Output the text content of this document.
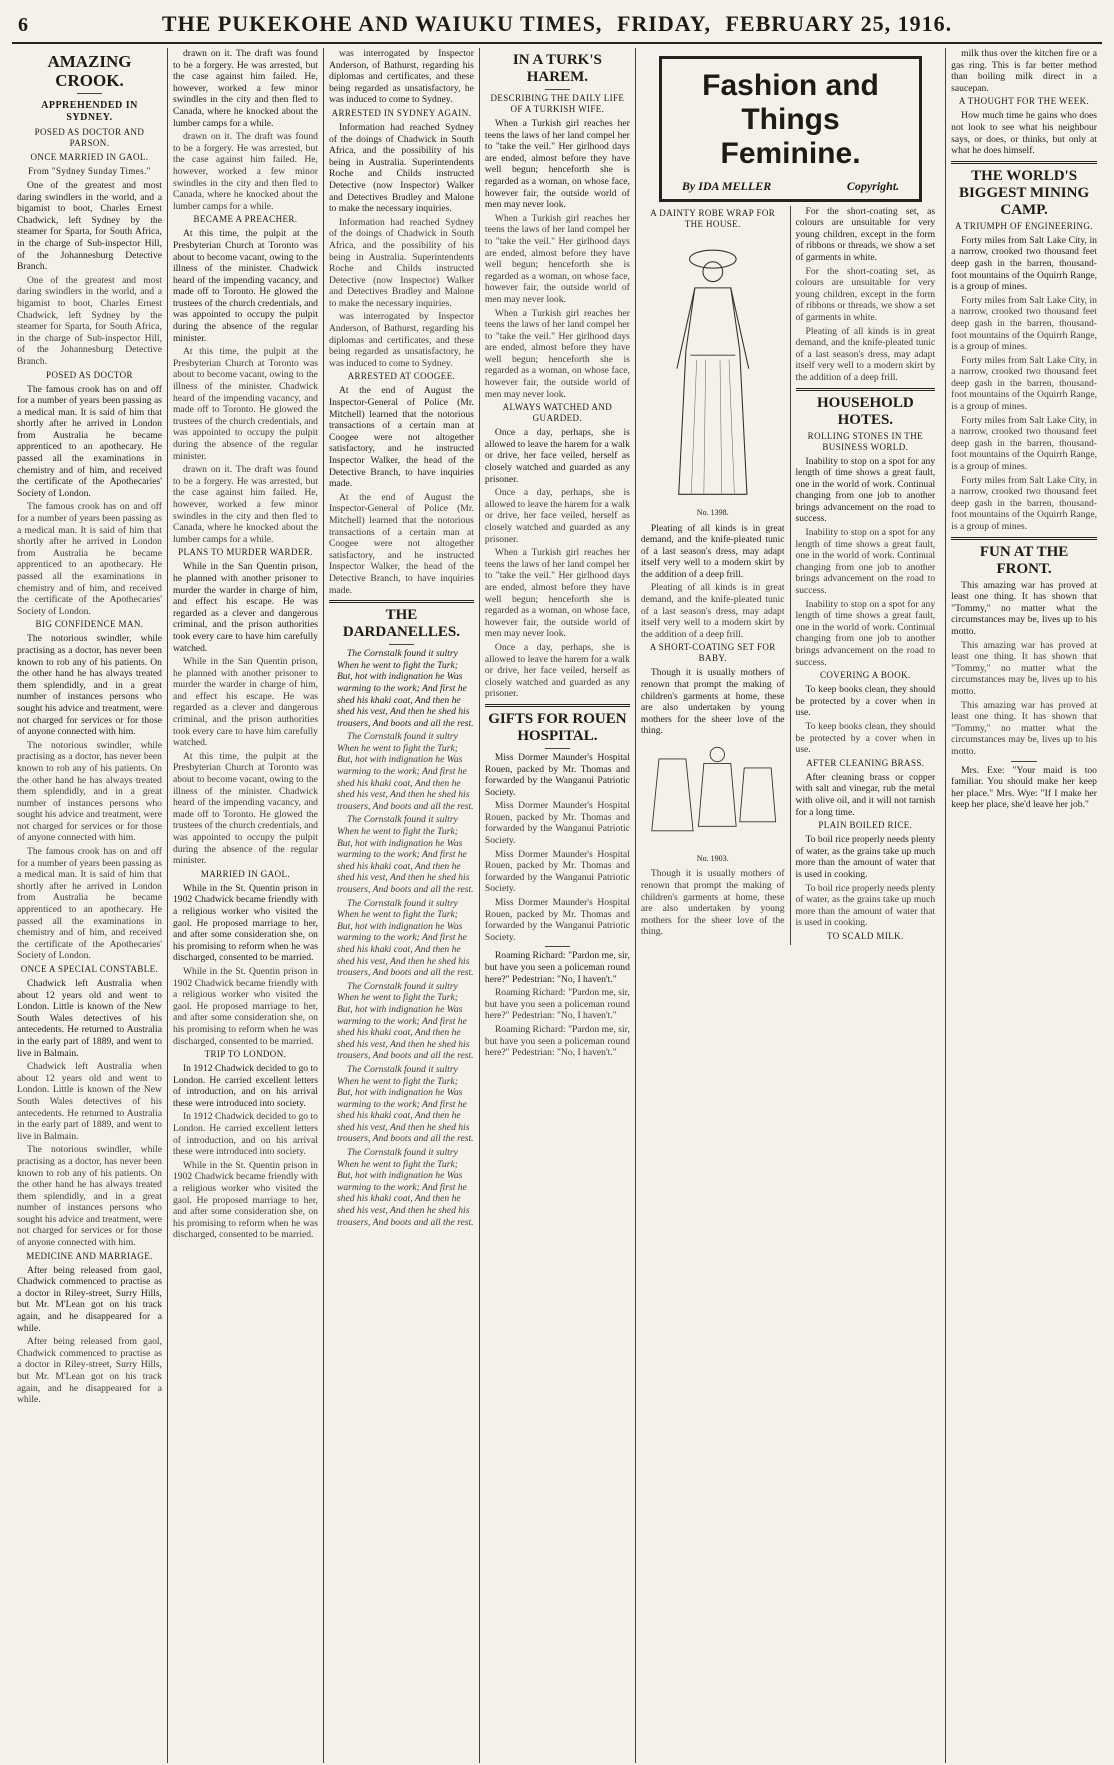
6	THE PUKEKOHE AND WAIUKU TIMES, FRIDAY, FEBRUARY 25, 1916.
AMAZING CROOK.
APPREHENDED IN SYDNEY.
POSED AS DOCTOR AND PARSON.
ONCE MARRIED IN GAOL.
From "Sydney Sunday Times."

One of the greatest and most daring swindlers in the world, and a bigamist to boot, Charles Ernest Chadwick, left Sydney by the steamer for Sparta, for South Africa, in the charge of Sub-inspector Hill, of the Johannesburg Detective Branch.

One of the greatest and most daring swindlers in the world, and a bigamist to boot, Charles Ernest Chadwick, left Sydney by the steamer for Sparta, for South Africa, in the charge of Sub-inspector Hill, of the Johannesburg Detective Branch.

POSED AS DOCTOR

The famous crook has on and off for a number of years been passing as a medical man. It is said of him that shortly after he arrived in London from Australia he became apprenticed to an apothecary. He passed all the examinations in chemistry and of him, and received the certificate of the Apothecaries' Society of London.

The famous crook has on and off for a number of years been passing as a medical man. It is said of him that shortly after he arrived in London from Australia he became apprenticed to an apothecary. He passed all the examinations in chemistry and of him, and received the certificate of the Apothecaries' Society of London.

BIG CONFIDENCE MAN.

The notorious swindler, while practising as a doctor, has never been known to rob any of his patients. On the other hand he has always treated them splendidly, and in a great number of instances persons who sought his advice and treatment, were not charged for services or for those of anyone connected with him.

The notorious swindler, while practising as a doctor, has never been known to rob any of his patients. On the other hand he has always treated them splendidly, and in a great number of instances persons who sought his advice and treatment, were not charged for services or for those of anyone connected with him.

The famous crook has on and off for a number of years been passing as a medical man. It is said of him that shortly after he arrived in London from Australia he became apprenticed to an apothecary. He passed all the examinations in chemistry and of him, and received the certificate of the Apothecaries' Society of London.

ONCE A SPECIAL CONSTABLE.

Chadwick left Australia when about 12 years old and went to London. Little is known of the New South Wales detectives of his antecedents. He returned to Australia in the early part of 1889, and went to live in Balmain.

Chadwick left Australia when about 12 years old and went to London. Little is known of the New South Wales detectives of his antecedents. He returned to Australia in the early part of 1889, and went to live in Balmain.

The notorious swindler, while practising as a doctor, has never been known to rob any of his patients. On the other hand he has always treated them splendidly, and in a great number of instances persons who sought his advice and treatment, were not charged for services or for those of anyone connected with him.

MEDICINE AND MARRIAGE.

After being released from gaol, Chadwick commenced to practise as a doctor in Riley-street, Surry Hills, but Mr. M'Lean got on his track again, and he disappeared for a while.

After being released from gaol, Chadwick commenced to practise as a doctor in Riley-street, Surry Hills, but Mr. M'Lean got on his track again, and he disappeared for a while.

drawn on it. The draft was found to be a forgery. He was arrested, but the case against him failed. He, however, worked a few minor swindles in the city and then fled to Canada, where he knocked about the lumber camps for a while.

drawn on it. The draft was found to be a forgery. He was arrested, but the case against him failed. He, however, worked a few minor swindles in the city and then fled to Canada, where he knocked about the lumber camps for a while.

BECAME A PREACHER.

At this time, the pulpit at the Presbyterian Church at Toronto was about to become vacant, owing to the illness of the minister. Chadwick heard of the impending vacancy, and made off to Toronto. He glowed the trustees of the church credentials, and was appointed to occupy the pulpit during the absence of the regular minister.

At this time, the pulpit at the Presbyterian Church at Toronto was about to become vacant, owing to the illness of the minister. Chadwick heard of the impending vacancy, and made off to Toronto. He glowed the trustees of the church credentials, and was appointed to occupy the pulpit during the absence of the regular minister.

drawn on it. The draft was found to be a forgery. He was arrested, but the case against him failed. He, however, worked a few minor swindles in the city and then fled to Canada, where he knocked about the lumber camps for a while.

PLANS TO MURDER WARDER.

While in the San Quentin prison, he planned with another prisoner to murder the warder in charge of him, and effect his escape. He was regarded as a clever and dangerous criminal, and the prison authorities took every care to have him carefully watched.

While in the San Quentin prison, he planned with another prisoner to murder the warder in charge of him, and effect his escape. He was regarded as a clever and dangerous criminal, and the prison authorities took every care to have him carefully watched.

At this time, the pulpit at the Presbyterian Church at Toronto was about to become vacant, owing to the illness of the minister. Chadwick heard of the impending vacancy, and made off to Toronto. He glowed the trustees of the church credentials, and was appointed to occupy the pulpit during the absence of the regular minister.

MARRIED IN GAOL.

While in the St. Quentin prison in 1902 Chadwick became friendly with a religious worker who visited the gaol. He proposed marriage to her, and after some consideration she, on his promising to reform when he was discharged, consented to be married.

While in the St. Quentin prison in 1902 Chadwick became friendly with a religious worker who visited the gaol. He proposed marriage to her, and after some consideration she, on his promising to reform when he was discharged, consented to be married.

TRIP TO LONDON.

In 1912 Chadwick decided to go to London. He carried excellent letters of introduction, and on his arrival these were introduced into society.

In 1912 Chadwick decided to go to London. He carried excellent letters of introduction, and on his arrival these were introduced into society.

While in the St. Quentin prison in 1902 Chadwick became friendly with a religious worker who visited the gaol. He proposed marriage to her, and after some consideration she, on his promising to reform when he was discharged, consented to be married.

was interrogated by Inspector Anderson, of Bathurst, regarding his diplomas and certificates, and these being regarded as unsatisfactory, he was induced to come to Sydney.

ARRESTED IN SYDNEY AGAIN.

Information had reached Sydney of the doings of Chadwick in South Africa, and the possibility of his being in Australia. Superintendents Roche and Childs instructed Detective (now Inspector) Walker and Detectives Bradley and Malone to make the necessary inquiries.

Information had reached Sydney of the doings of Chadwick in South Africa, and the possibility of his being in Australia. Superintendents Roche and Childs instructed Detective (now Inspector) Walker and Detectives Bradley and Malone to make the necessary inquiries.

was interrogated by Inspector Anderson, of Bathurst, regarding his diplomas and certificates, and these being regarded as unsatisfactory, he was induced to come to Sydney.

ARRESTED AT COOGEE.

At the end of August the Inspector-General of Police (Mr. Mitchell) learned that the notorious transactions of a certain man at Coogee were not altogether satisfactory, and he instructed Inspector Walker, the head of the Detective Branch, to have inquiries made.

At the end of August the Inspector-General of Police (Mr. Mitchell) learned that the notorious transactions of a certain man at Coogee were not altogether satisfactory, and he instructed Inspector Walker, the head of the Detective Branch, to have inquiries made.

THE DARDANELLES.

The Cornstalk found it sultry When he went to fight the Turk; But, hot with indignation he Was warming to the work; And first he shed his khaki coat, And then he shed his vest, And then he shed his trousers, And boots and all the rest.

The Cornstalk found it sultry When he went to fight the Turk; But, hot with indignation he Was warming to the work; And first he shed his khaki coat, And then he shed his vest, And then he shed his trousers, And boots and all the rest.

The Cornstalk found it sultry When he went to fight the Turk; But, hot with indignation he Was warming to the work; And first he shed his khaki coat, And then he shed his vest, And then he shed his trousers, And boots and all the rest.

The Cornstalk found it sultry When he went to fight the Turk; But, hot with indignation he Was warming to the work; And first he shed his khaki coat, And then he shed his vest, And then he shed his trousers, And boots and all the rest.

The Cornstalk found it sultry When he went to fight the Turk; But, hot with indignation he Was warming to the work; And first he shed his khaki coat, And then he shed his vest, And then he shed his trousers, And boots and all the rest.

The Cornstalk found it sultry When he went to fight the Turk; But, hot with indignation he Was warming to the work; And first he shed his khaki coat, And then he shed his vest, And then he shed his trousers, And boots and all the rest.

The Cornstalk found it sultry When he went to fight the Turk; But, hot with indignation he Was warming to the work; And first he shed his khaki coat, And then he shed his vest, And then he shed his trousers, And boots and all the rest.

IN A TURK'S HAREM.
DESCRIBING THE DAILY LIFE OF A TURKISH WIFE.

When a Turkish girl reaches her teens the laws of her land compel her to "take the veil." Her girlhood days are ended, almost before they have well begun; henceforth she is regarded as a woman, on whose face, however fair, the outside world of men may never look.

When a Turkish girl reaches her teens the laws of her land compel her to "take the veil." Her girlhood days are ended, almost before they have well begun; henceforth she is regarded as a woman, on whose face, however fair, the outside world of men may never look.

When a Turkish girl reaches her teens the laws of her land compel her to "take the veil." Her girlhood days are ended, almost before they have well begun; henceforth she is regarded as a woman, on whose face, however fair, the outside world of men may never look.

ALWAYS WATCHED AND GUARDED.

Once a day, perhaps, she is allowed to leave the harem for a walk or drive, her face veiled, herself as closely watched and guarded as any prisoner.

Once a day, perhaps, she is allowed to leave the harem for a walk or drive, her face veiled, herself as closely watched and guarded as any prisoner.

When a Turkish girl reaches her teens the laws of her land compel her to "take the veil." Her girlhood days are ended, almost before they have well begun; henceforth she is regarded as a woman, on whose face, however fair, the outside world of men may never look.

Once a day, perhaps, she is allowed to leave the harem for a walk or drive, her face veiled, herself as closely watched and guarded as any prisoner.

GIFTS FOR ROUEN HOSPITAL.

Miss Dormer Maunder's Hospital Rouen, packed by Mr. Thomas and forwarded by the Wanganui Patriotic Society.

Miss Dormer Maunder's Hospital Rouen, packed by Mr. Thomas and forwarded by the Wanganui Patriotic Society.

Miss Dormer Maunder's Hospital Rouen, packed by Mr. Thomas and forwarded by the Wanganui Patriotic Society.

Miss Dormer Maunder's Hospital Rouen, packed by Mr. Thomas and forwarded by the Wanganui Patriotic Society.

Roaming Richard: "Pardon me, sir, but have you seen a policeman round here?" Pedestrian: "No, I haven't."

Roaming Richard: "Pardon me, sir, but have you seen a policeman round here?" Pedestrian: "No, I haven't."

Roaming Richard: "Pardon me, sir, but have you seen a policeman round here?" Pedestrian: "No, I haven't."

Fashion and Things Feminine.
By IDA MELLER	Copyright.
A DAINTY ROBE WRAP FOR THE HOUSE.
No. 1398.

Pleating of all kinds is in great demand, and the knife-pleated tunic of a last season's dress, may adapt itself very well to a modern skirt by the addition of a deep frill.

Pleating of all kinds is in great demand, and the knife-pleated tunic of a last season's dress, may adapt itself very well to a modern skirt by the addition of a deep frill.

A SHORT-COATING SET FOR BABY.

Though it is usually mothers of renown that prompt the making of children's garments at home, these are also undertaken by young mothers for the sheer love of the thing.

No. 1903.

Though it is usually mothers of renown that prompt the making of children's garments at home, these are also undertaken by young mothers for the sheer love of the thing.

For the short-coating set, as colours are unsuitable for very young children, except in the form of ribbons or threads, we show a set of garments in white.

For the short-coating set, as colours are unsuitable for very young children, except in the form of ribbons or threads, we show a set of garments in white.

Pleating of all kinds is in great demand, and the knife-pleated tunic of a last season's dress, may adapt itself very well to a modern skirt by the addition of a deep frill.

HOUSEHOLD HOTES.
ROLLING STONES IN THE BUSINESS WORLD.

Inability to stop on a spot for any length of time shows a great fault, one in the world of work. Continual changing from one job to another brings advancement on the road to success.

Inability to stop on a spot for any length of time shows a great fault, one in the world of work. Continual changing from one job to another brings advancement on the road to success.

Inability to stop on a spot for any length of time shows a great fault, one in the world of work. Continual changing from one job to another brings advancement on the road to success.

COVERING A BOOK.

To keep books clean, they should be protected by a cover when in use.

To keep books clean, they should be protected by a cover when in use.

AFTER CLEANING BRASS.

After cleaning brass or copper with salt and vinegar, rub the metal with olive oil, and it will not tarnish for a long time.

PLAIN BOILED RICE.

To boil rice properly needs plenty of water, as the grains take up much more than the amount of water that is used in cooking.

To boil rice properly needs plenty of water, as the grains take up much more than the amount of water that is used in cooking.

TO SCALD MILK.

milk thus over the kitchen fire or a gas ring. This is far better method than boiling milk direct in a saucepan.

A THOUGHT FOR THE WEEK.

How much time he gains who does not look to see what his neighbour says, or does, or thinks, but only at what he does himself.

THE WORLD'S BIGGEST MINING CAMP.
A TRIUMPH OF ENGINEERING.

Forty miles from Salt Lake City, in a narrow, crooked two thousand feet deep gash in the barren, thousand-foot mountains of the Oquirrh Range, is a group of mines.

Forty miles from Salt Lake City, in a narrow, crooked two thousand feet deep gash in the barren, thousand-foot mountains of the Oquirrh Range, is a group of mines.

Forty miles from Salt Lake City, in a narrow, crooked two thousand feet deep gash in the barren, thousand-foot mountains of the Oquirrh Range, is a group of mines.

Forty miles from Salt Lake City, in a narrow, crooked two thousand feet deep gash in the barren, thousand-foot mountains of the Oquirrh Range, is a group of mines.

Forty miles from Salt Lake City, in a narrow, crooked two thousand feet deep gash in the barren, thousand-foot mountains of the Oquirrh Range, is a group of mines.

FUN AT THE FRONT.

This amazing war has proved at least one thing. It has shown that "Tommy," no matter what the circumstances may be, lives up to his motto.

This amazing war has proved at least one thing. It has shown that "Tommy," no matter what the circumstances may be, lives up to his motto.

This amazing war has proved at least one thing. It has shown that "Tommy," no matter what the circumstances may be, lives up to his motto.

Mrs. Exe: "Your maid is too familiar. You should make her keep her place." Mrs. Wye: "If I make her keep her place, she'd leave her job."
